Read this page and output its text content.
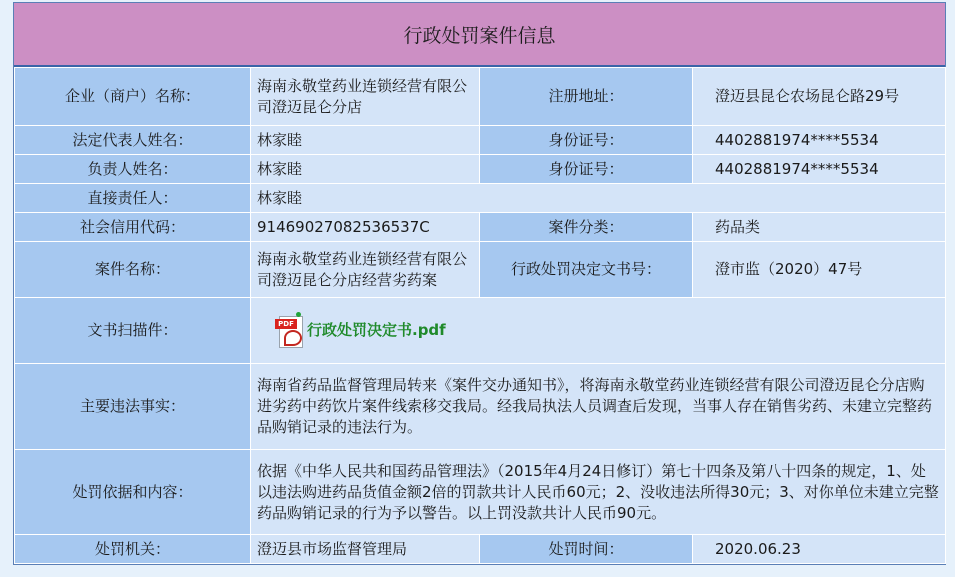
行政处罚案件信息
企业（商户）名称：	海南永敬堂药业连锁经营有限公司澄迈昆仑分店	注册地址：	澄迈县昆仑农场昆仑路29号
法定代表人姓名：	林家睦	身份证号：	4402881974****5534
负责人姓名：	林家睦	身份证号：	4402881974****5534
直接责任人：	林家睦		
社会信用代码：	91469027082536537C	案件分类：	药品类
案件名称：	海南永敬堂药业连锁经营有限公司澄迈昆仑分店经营劣药案	行政处罚决定文书号：	澄市监（2020）47号
文书扫描件：	PDF 行政处罚决定书.pdf		

主要违法事实：	海南省药品监督管理局转来《案件交办通知书》，将海南永敬堂药业连锁经营有限公司澄迈昆仑分店购进劣药中药饮片案件线索移交我局。经我局执法人员调查后发现，当事人存在销售劣药、未建立完整药品购销记录的违法行为。		
处罚依据和内容：	依据《中华人民共和国药品管理法》（2015年4月24日修订）第七十四条及第八十四条的规定，1、处以违法购进药品货值金额2倍的罚款共计人民币60元；2、没收违法所得30元；3、对你单位未建立完整药品购销记录的行为予以警告。以上罚没款共计人民币90元。		
处罚机关：	澄迈县市场监督管理局	处罚时间：	2020.06.23
